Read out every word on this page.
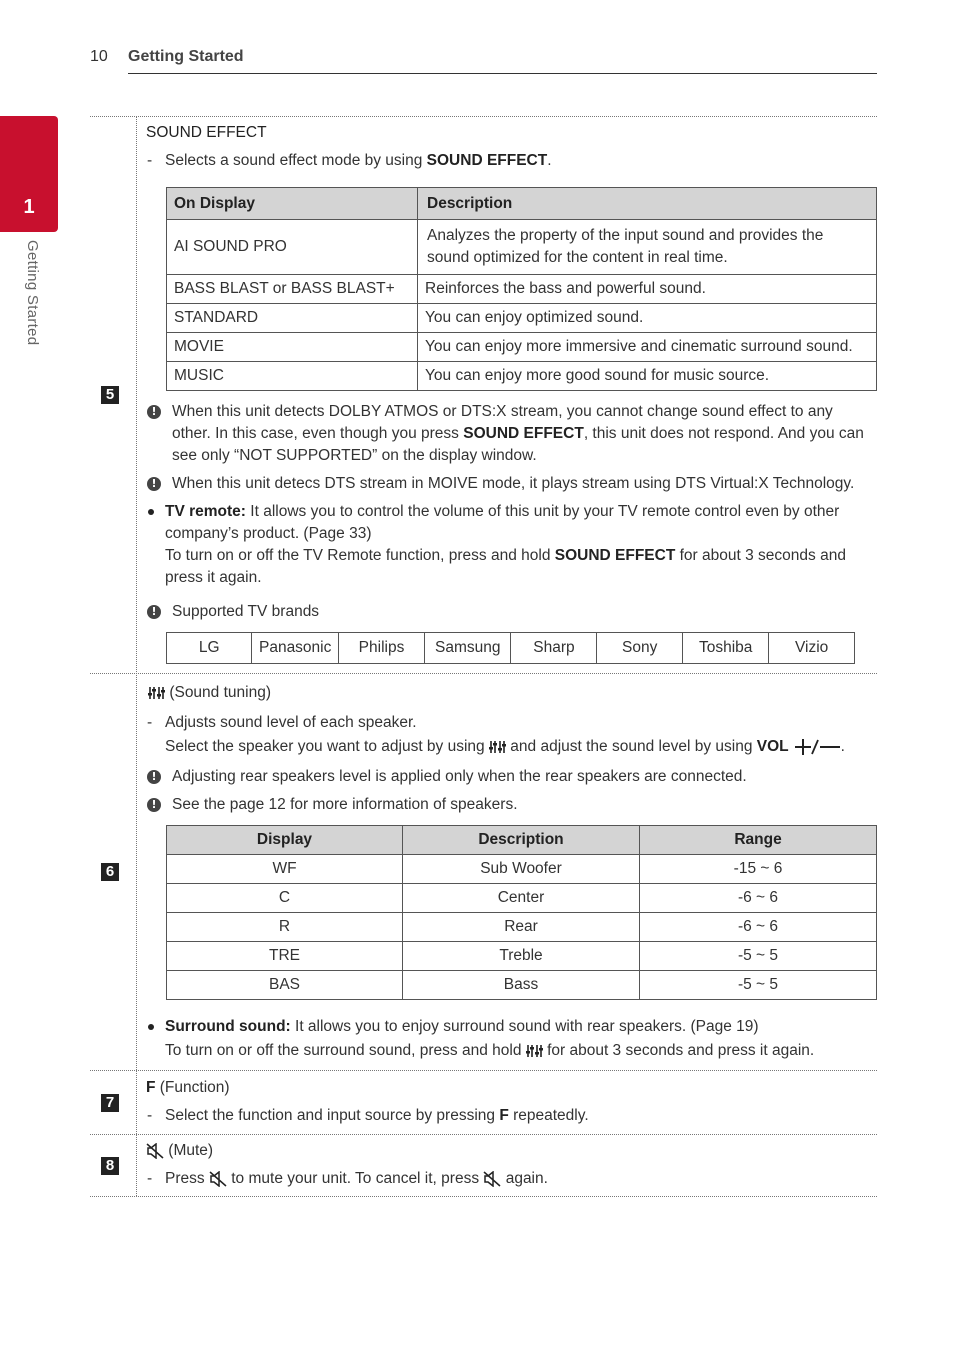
10 Getting Started
1
Getting Started
5
6
7
8
SOUND EFFECT
- Selects a sound effect mode by using SOUND EFFECT.
On Display	Description
AI SOUND PRO	Analyzes the property of the input sound and provides the
sound optimized for the content in real time.

BASS BLAST or BASS BLAST+	Reinforces the bass and powerful sound.
STANDARD	You can enjoy optimized sound.
MOVIE	You can enjoy more immersive and cinematic surround sound.
MUSIC	You can enjoy more good sound for music source.
! When this unit detects DOLBY ATMOS or DTS:X stream, you cannot change sound effect to any
other. In this case, even though you press SOUND EFFECT, this unit does not respond. And you can
see only “NOT SUPPORTED” on the display window.
! When this unit detecs DTS stream in MOIVE mode, it plays stream using DTS Virtual:X Technology.
TV remote: It allows you to control the volume of this unit by your TV remote control even by other
company’s product. (Page 33)
To turn on or off the TV Remote function, press and hold SOUND EFFECT for about 3 seconds and
press it again.
! Supported TV brands
LG	Panasonic	Philips	Samsung	Sharp	Sony	Toshiba	Vizio
(Sound tuning)
- Adjusts sound level of each speaker.
Select the speaker you want to adjust by using  and adjust the sound level by using VOL	.
! Adjusting rear speakers level is applied only when the rear speakers are connected.
! See the page 12 for more information of speakers.
Display	Description	Range
WF	Sub Woofer	-15 ~ 6
C	Center	-6 ~ 6
R	Rear	-6 ~ 6
TRE	Treble	-5 ~ 5
BAS	Bass	-5 ~ 5
Surround sound: It allows you to enjoy surround sound with rear speakers. (Page 19)
To turn on or off the surround sound, press and hold  for about 3 seconds and press it again.
F (Function)
- Select the function and input source by pressing F repeatedly.
(Mute)
- Press  to mute your unit. To cancel it, press  again.
